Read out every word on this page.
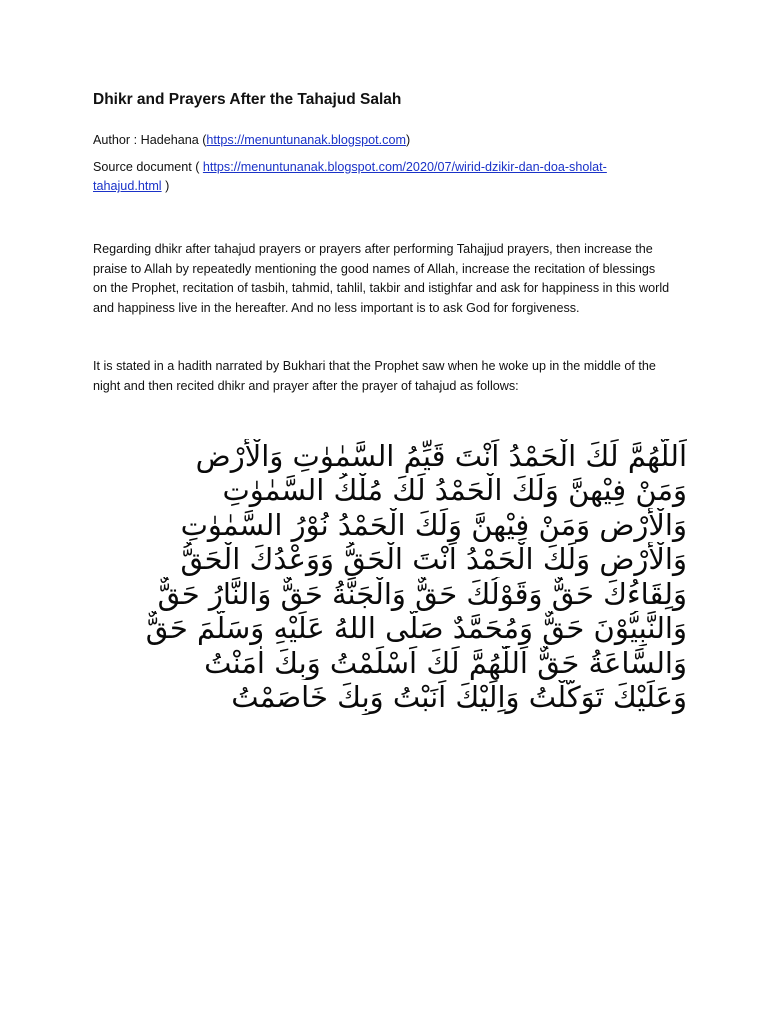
Dhikr and Prayers After the Tahajud Salah

Author : Hadehana (https://menuntunanak.blogspot.com)

Source document ( https://menuntunanak.blogspot.com/2020/07/wirid-dzikir-dan-doa-sholat-tahajud.html )

Regarding dhikr after tahajud prayers or prayers after performing Tahajjud prayers, then increase the praise to Allah by repeatedly mentioning the good names of Allah, increase the recitation of blessings on the Prophet, recitation of tasbih, tahmid, tahlil, takbir and istighfar and ask for happiness in this world and happiness live in the hereafter. And no less important is to ask God for forgiveness.

It is stated in a hadith narrated by Bukhari that the Prophet saw when he woke up in the middle of the night and then recited dhikr and prayer after the prayer of tahajud as follows:

اَللَّهُمَّ لَكَ الْحَمْدُ اَنْتَ قَيِّمُ السَّمٰوٰتِ وَالْأَرْضِ
وَمَنْ فِيْهِنَّ وَلَكَ الْحَمْدُ لَكَ مُلْكُ السَّمٰوٰتِ
وَالْأَرْضِ وَمَنْ فِيْهِنَّ وَلَكَ الْحَمْدُ نُوْرُ السَّمٰوٰتِ
وَالْأَرْضِ وَلَكَ الْحَمْدُ اَنْتَ الْحَقُّ وَوَعْدُكَ الْحَقُّ
وَلِقَاءُكَ حَقٌّ وَقَوْلُكَ حَقٌّ وَالْجَنَّةُ حَقٌّ وَالنَّارُ حَقٌّ
وَالنَّبِيُّوْنَ حَقٌّ وَمُحَمَّدٌ صَلَّى اللهُ عَلَيْهِ وَسَلَّمَ حَقٌّ
وَالسَّاعَةُ حَقٌّ اَللّٰهُمَّ لَكَ اَسْلَمْتُ وَبِكَ اٰمَنْتُ
وَعَلَيْكَ تَوَكَّلْتُ وَاِلَيْكَ اَنَبْتُ وَبِكَ خَاصَمْتُ
